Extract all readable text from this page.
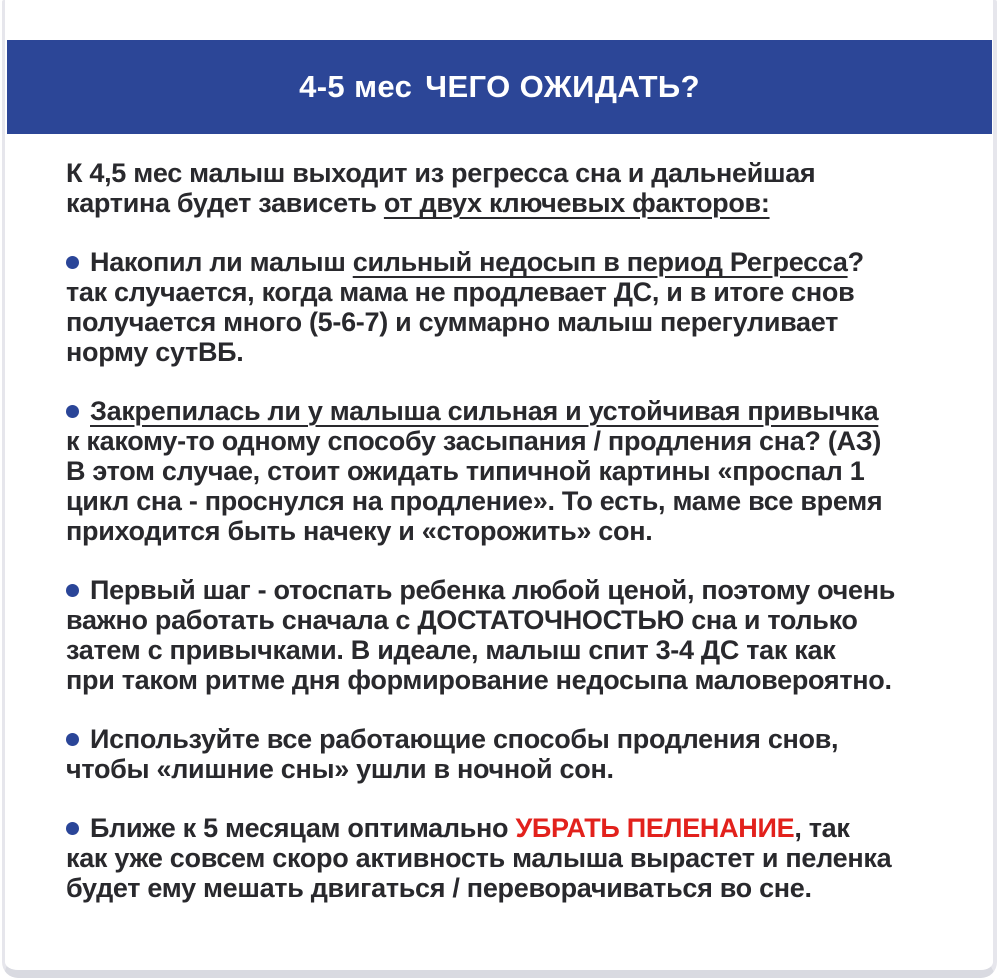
4-5 мес ЧЕГО ОЖИДАТЬ?
К 4,5 мес малыш выходит из регресса сна и дальнейшая
картина будет зависеть от двух ключевых факторов:
Накопил ли малыш сильный недосып в период Регресса?
так случается, когда мама не продлевает ДС, и в итоге снов
получается много (5-6-7) и суммарно малыш перегуливает
норму сутВБ.
Закрепилась ли у малыша сильная и устойчивая привычка
к какому-то одному способу засыпания / продления сна? (АЗ)
В этом случае, стоит ожидать типичной картины «проспал 1
цикл сна - проснулся на продление». То есть, маме все время
приходится быть начеку и «сторожить» сон.
Первый шаг - отоспать ребенка любой ценой, поэтому очень
важно работать сначала с ДОСТАТОЧНОСТЬЮ сна и только
затем с привычками. В идеале, малыш спит 3-4 ДС так как
при таком ритме дня формирование недосыпа маловероятно.
Используйте все работающие способы продления снов,
чтобы «лишние сны» ушли в ночной сон.
Ближе к 5 месяцам оптимально УБРАТЬ ПЕЛЕНАНИЕ, так
как уже совсем скоро активность малыша вырастет и пеленка
будет ему мешать двигаться / переворачиваться во сне.
